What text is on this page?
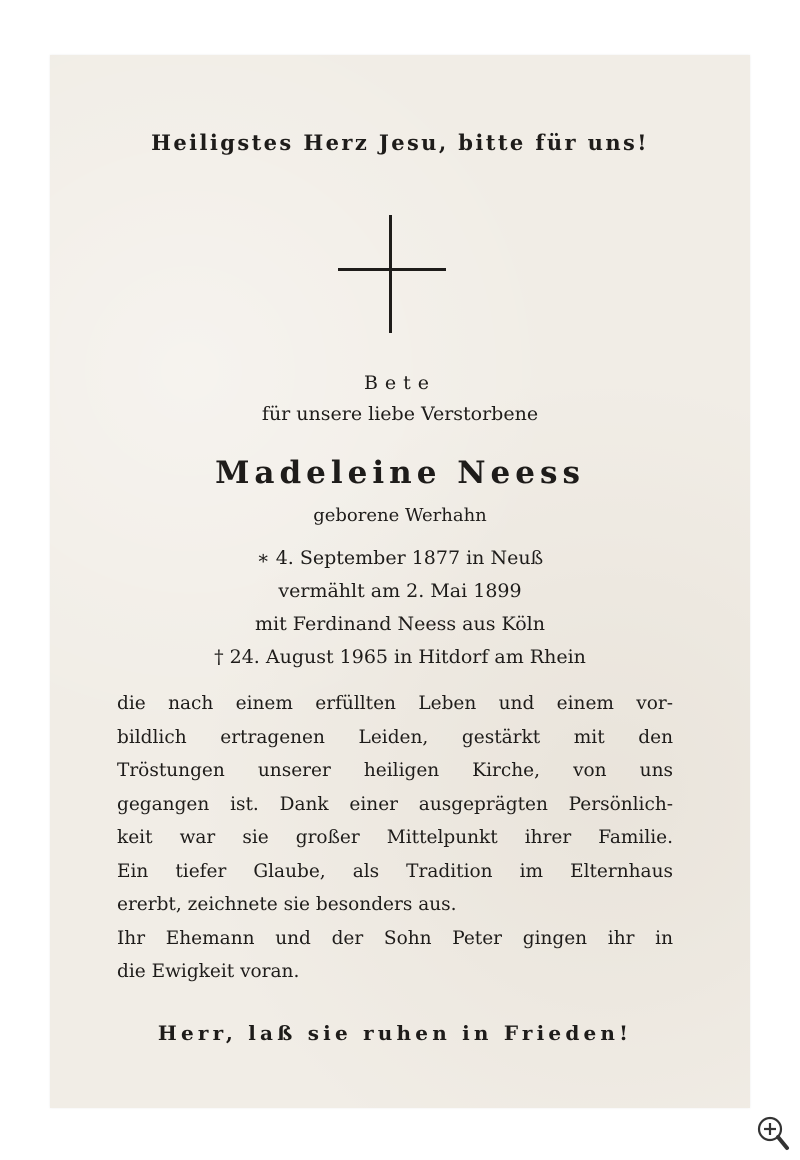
Heiligstes Herz Jesu, bitte für uns!
Bete
für unsere liebe Verstorbene
Madeleine Neess
geborene Werhahn
∗ 4. September 1877 in Neuß
vermählt am 2. Mai 1899
mit Ferdinand Neess aus Köln
† 24. August 1965 in Hitdorf am Rhein
die nach einem erfüllten Leben und einem vor-
bildlich ertragenen Leiden, gestärkt mit den
Tröstungen unserer heiligen Kirche, von uns
gegangen ist. Dank einer ausgeprägten Persönlich-
keit war sie großer Mittelpunkt ihrer Familie.
Ein tiefer Glaube, als Tradition im Elternhaus
ererbt, zeichnete sie besonders aus.
Ihr Ehemann und der Sohn Peter gingen ihr in
die Ewigkeit voran.
Herr, laß sie ruhen in Frieden!
